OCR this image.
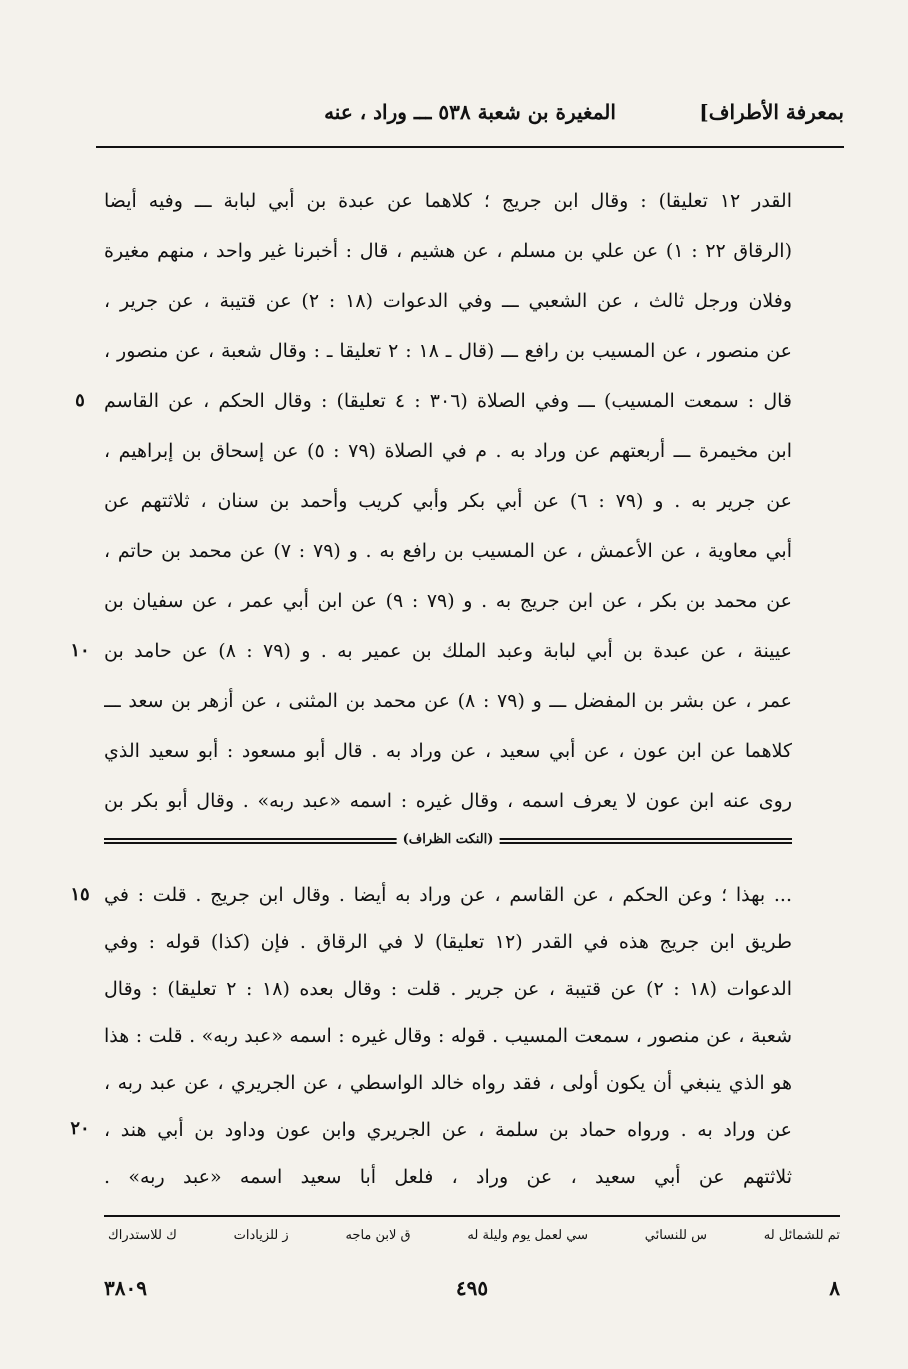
بمعرفة الأطراف]
المغيرة بن شعبة ٥٣٨ ـــ وراد ، عنه
القدر ١٢ تعليقا) : وقال ابن جريج ؛ كلاهما عن عبدة بن أبي لبابة ـــ وفيه أيضا
(الرقاق ٢٢ : ١) عن علي بن مسلم ، عن هشيم ، قال : أخبرنا غير واحد ، منهم مغيرة
وفلان ورجل ثالث ، عن الشعبي ـــ وفي الدعوات (١٨ : ٢) عن قتيبة ، عن جرير ،
عن منصور ، عن المسيب بن رافع ـــ (قال ـ ١٨ : ٢ تعليقا ـ : وقال شعبة ، عن منصور ،
قال : سمعت المسيب) ـــ وفي الصلاة (٣٠٦ : ٤ تعليقا) : وقال الحكم ، عن القاسم
ابن مخيمرة ـــ أربعتهم عن وراد به . م في الصلاة (٧٩ : ٥) عن إسحاق بن إبراهيم ،
عن جرير به . و (٧٩ : ٦) عن أبي بكر وأبي كريب وأحمد بن سنان ، ثلاثتهم عن
أبي معاوية ، عن الأعمش ، عن المسيب بن رافع به . و (٧٩ : ٧) عن محمد بن حاتم ،
عن محمد بن بكر ، عن ابن جريج به . و (٧٩ : ٩) عن ابن أبي عمر ، عن سفيان بن
عيينة ، عن عبدة بن أبي لبابة وعبد الملك بن عمير به . و (٧٩ : ٨) عن حامد بن
عمر ، عن بشر بن المفضل ـــ و (٧٩ : ٨) عن محمد بن المثنى ، عن أزهر بن سعد ـــ
كلاهما عن ابن عون ، عن أبي سعيد ، عن وراد به . قال أبو مسعود : أبو سعيد الذي
روى عنه ابن عون لا يعرف اسمه ، وقال غيره : اسمه «عبد ربه» . وقال أبو بكر بن
٥
١٠
(النكت الظراف)
... بهذا ؛ وعن الحكم ، عن القاسم ، عن وراد به أيضا . وقال ابن جريج . قلت : في
طريق ابن جريج هذه في القدر (١٢ تعليقا) لا في الرقاق . فإن (كذا) قوله : وفي
الدعوات (١٨ : ٢) عن قتيبة ، عن جرير . قلت : وقال بعده (١٨ : ٢ تعليقا) : وقال
شعبة ، عن منصور ، سمعت المسيب . قوله : وقال غيره : اسمه «عبد ربه» . قلت : هذا
هو الذي ينبغي أن يكون أولى ، فقد رواه خالد الواسطي ، عن الجريري ، عن عبد ربه ،
عن وراد به . ورواه حماد بن سلمة ، عن الجريري وابن عون وداود بن أبي هند ،
ثلاثتهم عن أبي سعيد ، عن وراد ، فلعل أبا سعيد اسمه «عبد ربه» .
١٥
٢٠
تم للشمائل له
س للنسائي
سي لعمل يوم وليلة له
ق لابن ماجه
ز للزيادات
ك للاستدراك
٨
٤٩٥
٣٨٠٩
